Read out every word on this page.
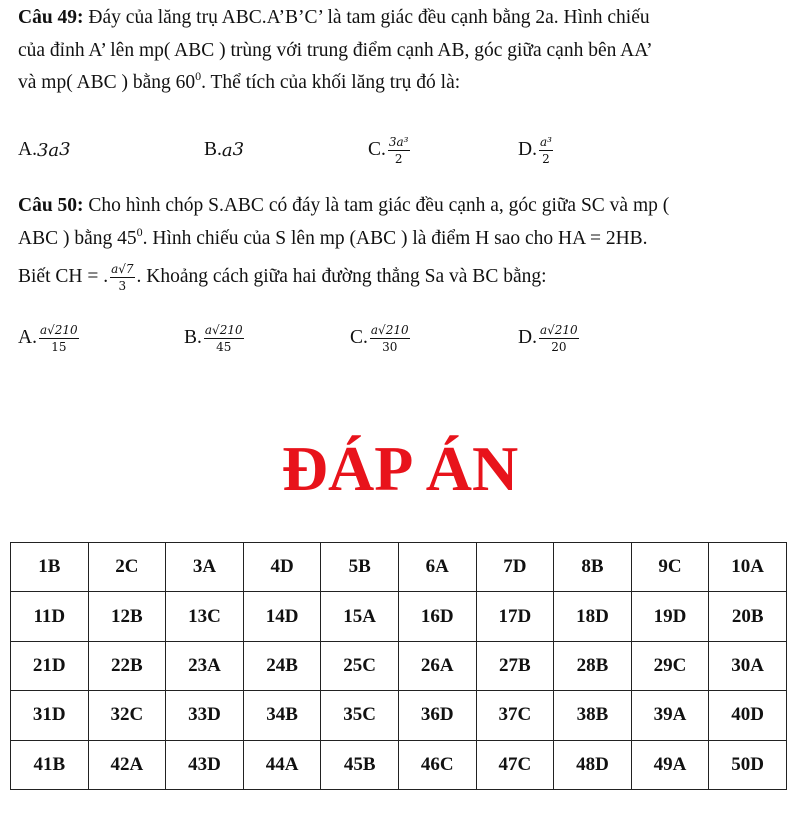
Câu 49: Đáy của lăng trụ ABC.A’B’C’ là tam giác đều cạnh bằng 2a. Hình chiếu
của đỉnh A’ lên mp( ABC ) trùng với trung điểm cạnh AB, góc giữa cạnh bên AA’
và mp( ABC ) bằng $60^0$. Thể tích của khối lăng trụ đó là:
A. 3a 3	B. a 3	C. $\frac{\text{3a³}}{2}$	D. $\frac{\text{a³}}{2}$
Câu 50: Cho hình chóp S.ABC có đáy là tam giác đều cạnh a, góc giữa SC và mp (
ABC ) bằng $45^0$. Hình chiếu của S lên mp (ABC ) là điểm H sao cho HA = 2HB.
Biết CH = . $\frac{a√7}{3}$ . Khoảng cách giữa hai đường thẳng Sa và BC bằng:
A. $\frac{a√210}{15}$	B. $\frac{a√210}{45}$	C. $\frac{a√210}{30}$	D. $\frac{a√210}{20}$
ĐÁP ÁN
1B	2C	3A	4D	5B	6A	7D	8B	9C	10A
11D	12B	13C	14D	15A	16D	17D	18D	19D	20B
21D	22B	23A	24B	25C	26A	27B	28B	29C	30A
31D	32C	33D	34B	35C	36D	37C	38B	39A	40D
41B	42A	43D	44A	45B	46C	47C	48D	49A	50D
